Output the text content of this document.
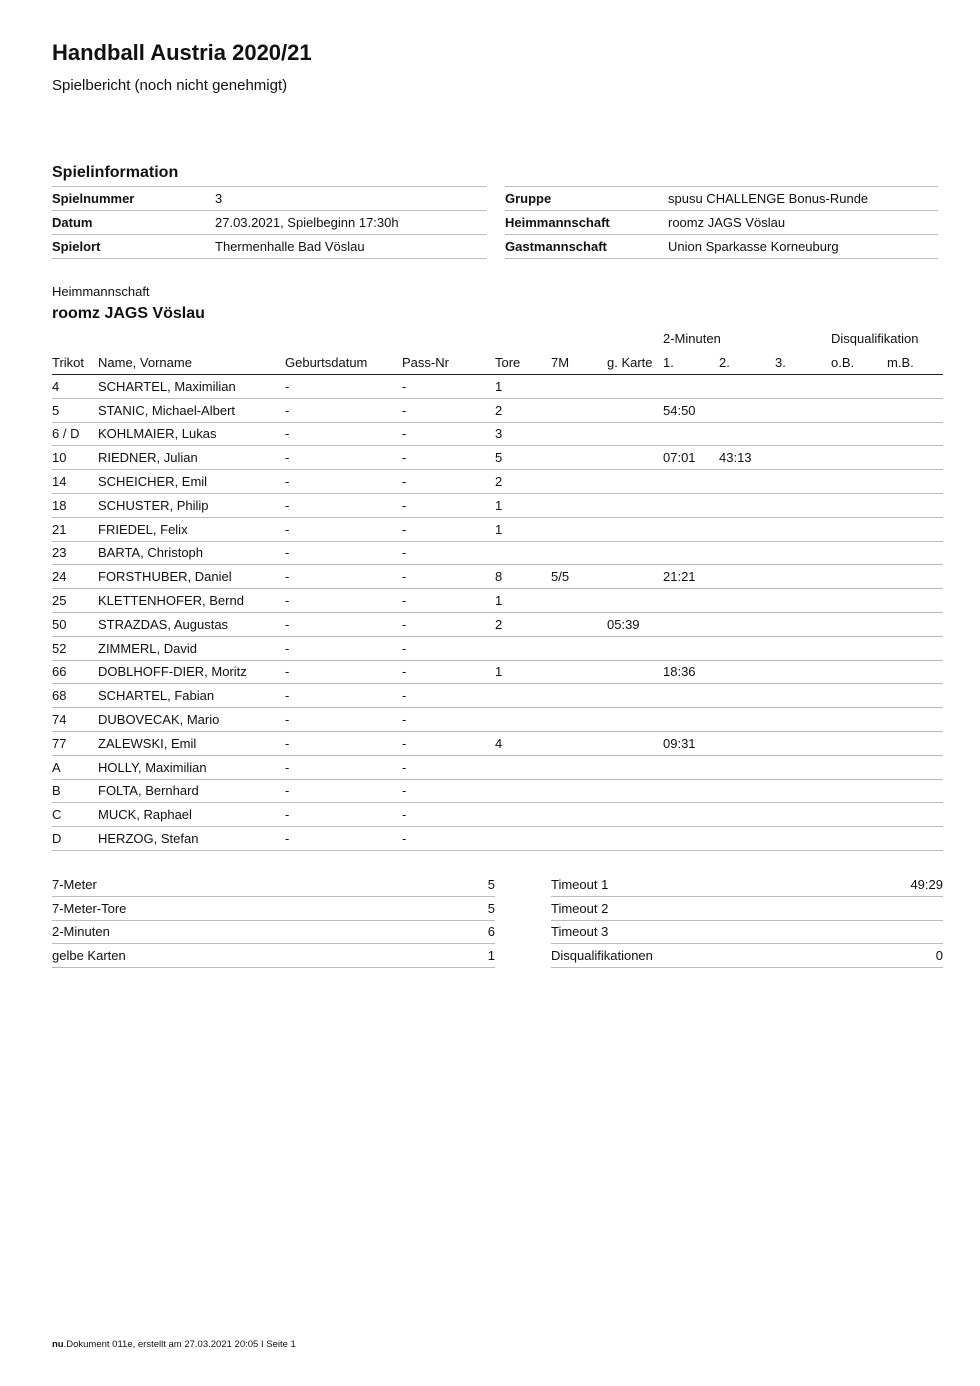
Handball Austria 2020/21
Spielbericht (noch nicht genehmigt)
Spielinformation
Spielnummer	3
Datum	27.03.2021, Spielbeginn 17:30h
Spielort	Thermenhalle Bad Vöslau
Gruppe	spusu CHALLENGE Bonus-Runde
Heimmannschaft	roomz JAGS Vöslau
Gastmannschaft	Union Sparkasse Korneuburg
Heimmannschaft
roomz JAGS Vöslau
2-Minuten	Disqualifikation
Trikot	Name, Vorname	Geburtsdatum	Pass-Nr	Tore	7M	g. Karte	1.	2.	3.	o.B.	m.B.
4	SCHARTEL, Maximilian	-	-	1							
5	STANIC, Michael-Albert	-	-	2			54:50				
6 / D	KOHLMAIER, Lukas	-	-	3							
10	RIEDNER, Julian	-	-	5			07:01	43:13			
14	SCHEICHER, Emil	-	-	2							
18	SCHUSTER, Philip	-	-	1							
21	FRIEDEL, Felix	-	-	1							
23	BARTA, Christoph	-	-								
24	FORSTHUBER, Daniel	-	-	8	5/5		21:21				
25	KLETTENHOFER, Bernd	-	-	1							
50	STRAZDAS, Augustas	-	-	2		05:39					
52	ZIMMERL, David	-	-								
66	DOBLHOFF-DIER, Moritz	-	-	1			18:36				
68	SCHARTEL, Fabian	-	-								
74	DUBOVECAK, Mario	-	-								
77	ZALEWSKI, Emil	-	-	4			09:31				
A	HOLLY, Maximilian	-	-								
B	FOLTA, Bernhard	-	-								
C	MUCK, Raphael	-	-								
D	HERZOG, Stefan	-	-								
7-Meter	5
7-Meter-Tore	5
2-Minuten	6
gelbe Karten	1
Timeout 1	49:29
Timeout 2	
Timeout 3	
Disqualifikationen	0
nu.Dokument 011e, erstellt am 27.03.2021 20:05 I Seite 1
